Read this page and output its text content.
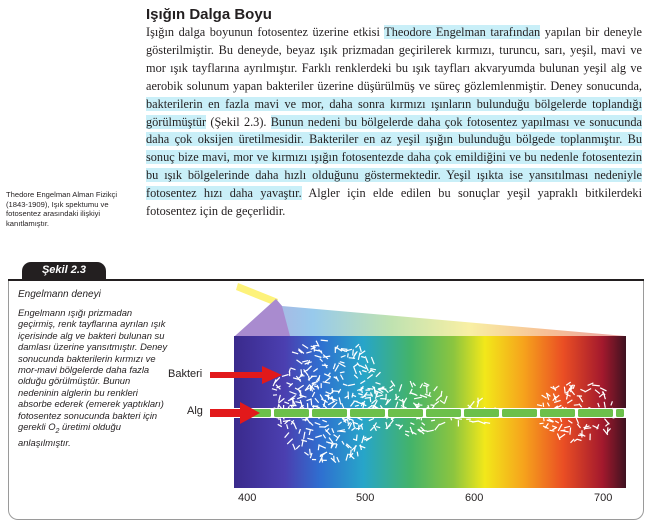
Işığın Dalga Boyu

Işığın dalga boyunun fotosentez üzerine etkisi Theodore Engelman tarafından yapılan bir deneyle gösterilmiştir. Bu deneyde, beyaz ışık prizmadan geçirilerek kırmızı, turuncu, sarı, yeşil, mavi ve mor ışık tayflarına ayrılmıştır. Farklı renklerdeki bu ışık tayfları akvaryumda bulunan yeşil alg ve aerobik solunum yapan bakteriler üzerine düşürülmüş ve süreç gözlemlenmiştir. Deney sonucunda, bakterilerin en fazla mavi ve mor, daha sonra kırmızı ışınların bulunduğu bölgelerde toplandığı görülmüştür (Şekil 2.3). Bunun nedeni bu bölgelerde daha çok fotosentez yapılması ve sonucunda daha çok oksijen üretilmesidir. Bakteriler en az yeşil ışığın bulunduğu bölgede toplanmıştır. Bu sonuç bize mavi, mor ve kırmızı ışığın fotosentezde daha çok emildiğini ve bu nedenle fotosentezin bu ışık bölgelerinde daha hızlı olduğunu göstermektedir. Yeşil ışıkta ise yansıtılması nedeniyle fotosentez hızı daha yavaştır. Algler için elde edilen bu sonuçlar yeşil yapraklı bitkilerdeki fotosentez için de geçerlidir.

Thedore Engelman Alman Fizikçi (1843-1909), Işık spektumu ve fotosentez arasındaki ilişkiyi kanıtlamıştır.

Şekil 2.3

Engelmann deneyi

Engelmann ışığı prizmadan geçirmiş, renk tayflarına ayrılan ışık içerisinde alg ve bakteri bulunan su damlası üzerine yansıtmıştır. Deney sonucunda bakterilerin kırmızı ve mor-mavi bölgelerde daha fazla olduğu görülmüştür. Bunun nedeninin alglerin bu renkleri absorbe ederek (emerek yaptıkları) fotosentez sonucunda bakteri için gerekli $O_2$ üretimi olduğu anlaşılmıştır.

Bakteri
Alg
400	500	600	700
